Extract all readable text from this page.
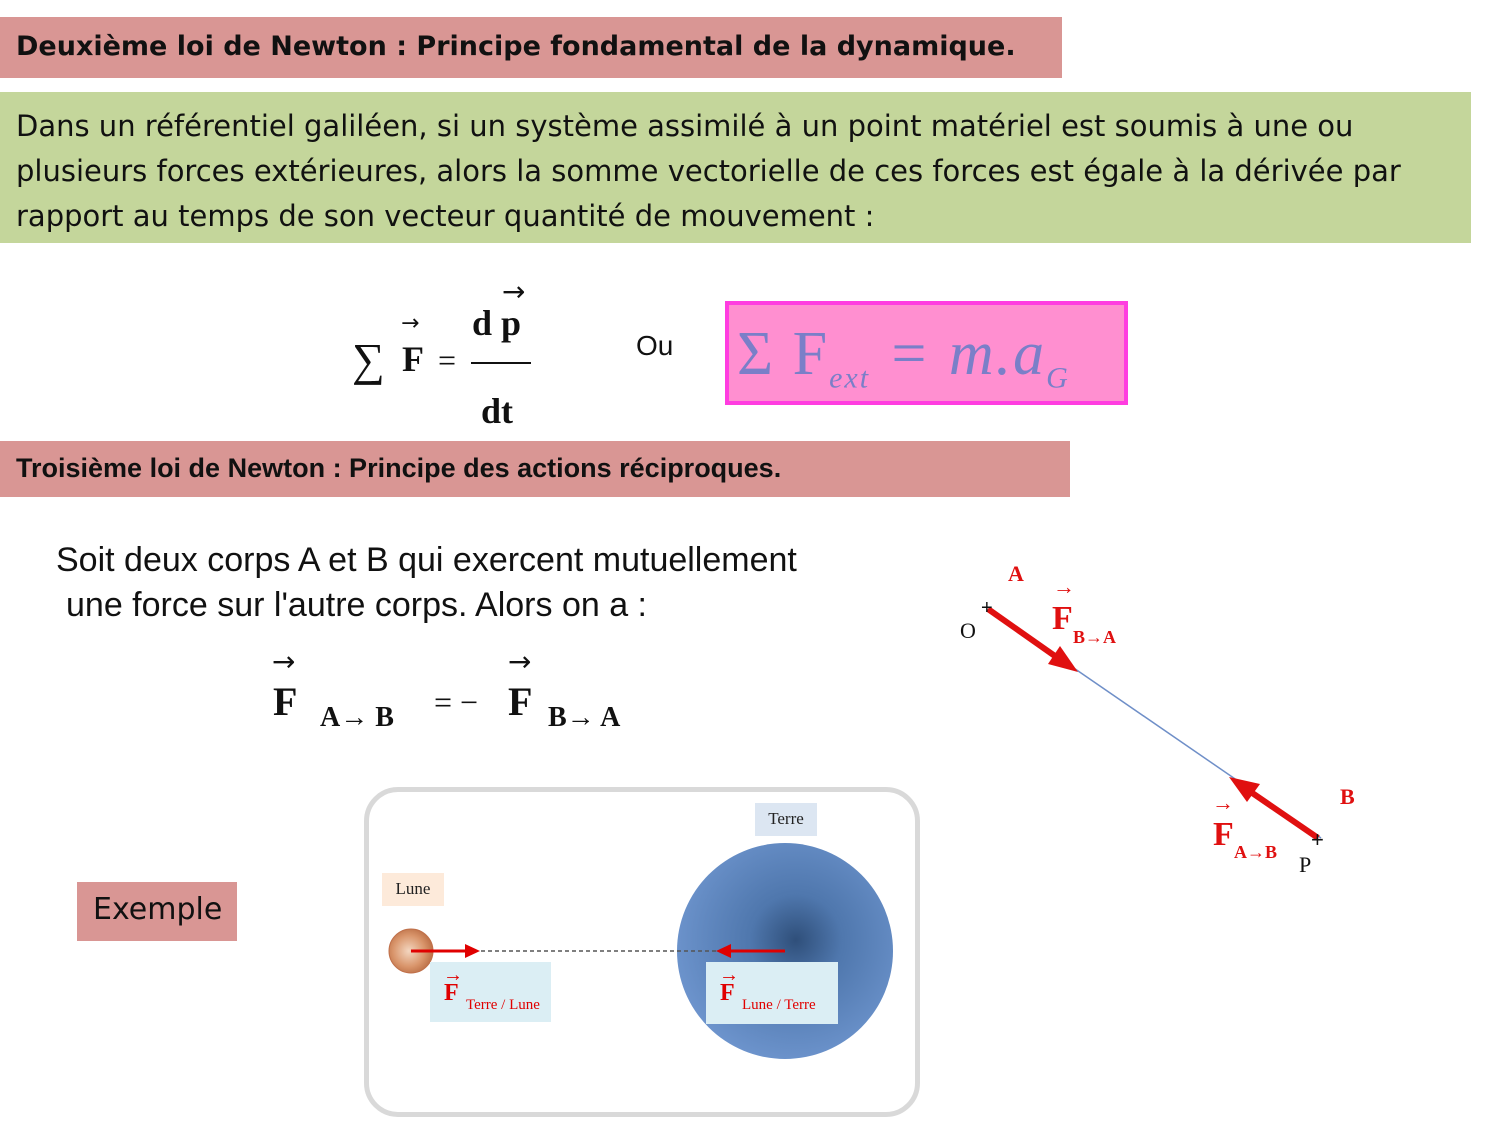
Deuxième loi de Newton : Principe fondamental de la dynamique.
Dans un référentiel galiléen, si un système assimilé à un point matériel est soumis à une ou
plusieurs forces extérieures, alors la somme vectorielle de ces forces est égale à la dérivée par
rapport au temps de son vecteur quantité de mouvement :
∑
→
F =
→
d p
dt
Ou Σ $F_{ext} = m.a_G$
Troisième loi de Newton : Principe des actions réciproques.
Soit deux corps A et B qui exercent mutuellement
une force sur l'autre corps. Alors on a :
→
F A→ B = −
→
F B→ A
+
+
A
O
→
F B→A
B
→
F A→B P
Exemple
Terre
Lune
→
F Terre / Lune
→
F Lune / Terre
